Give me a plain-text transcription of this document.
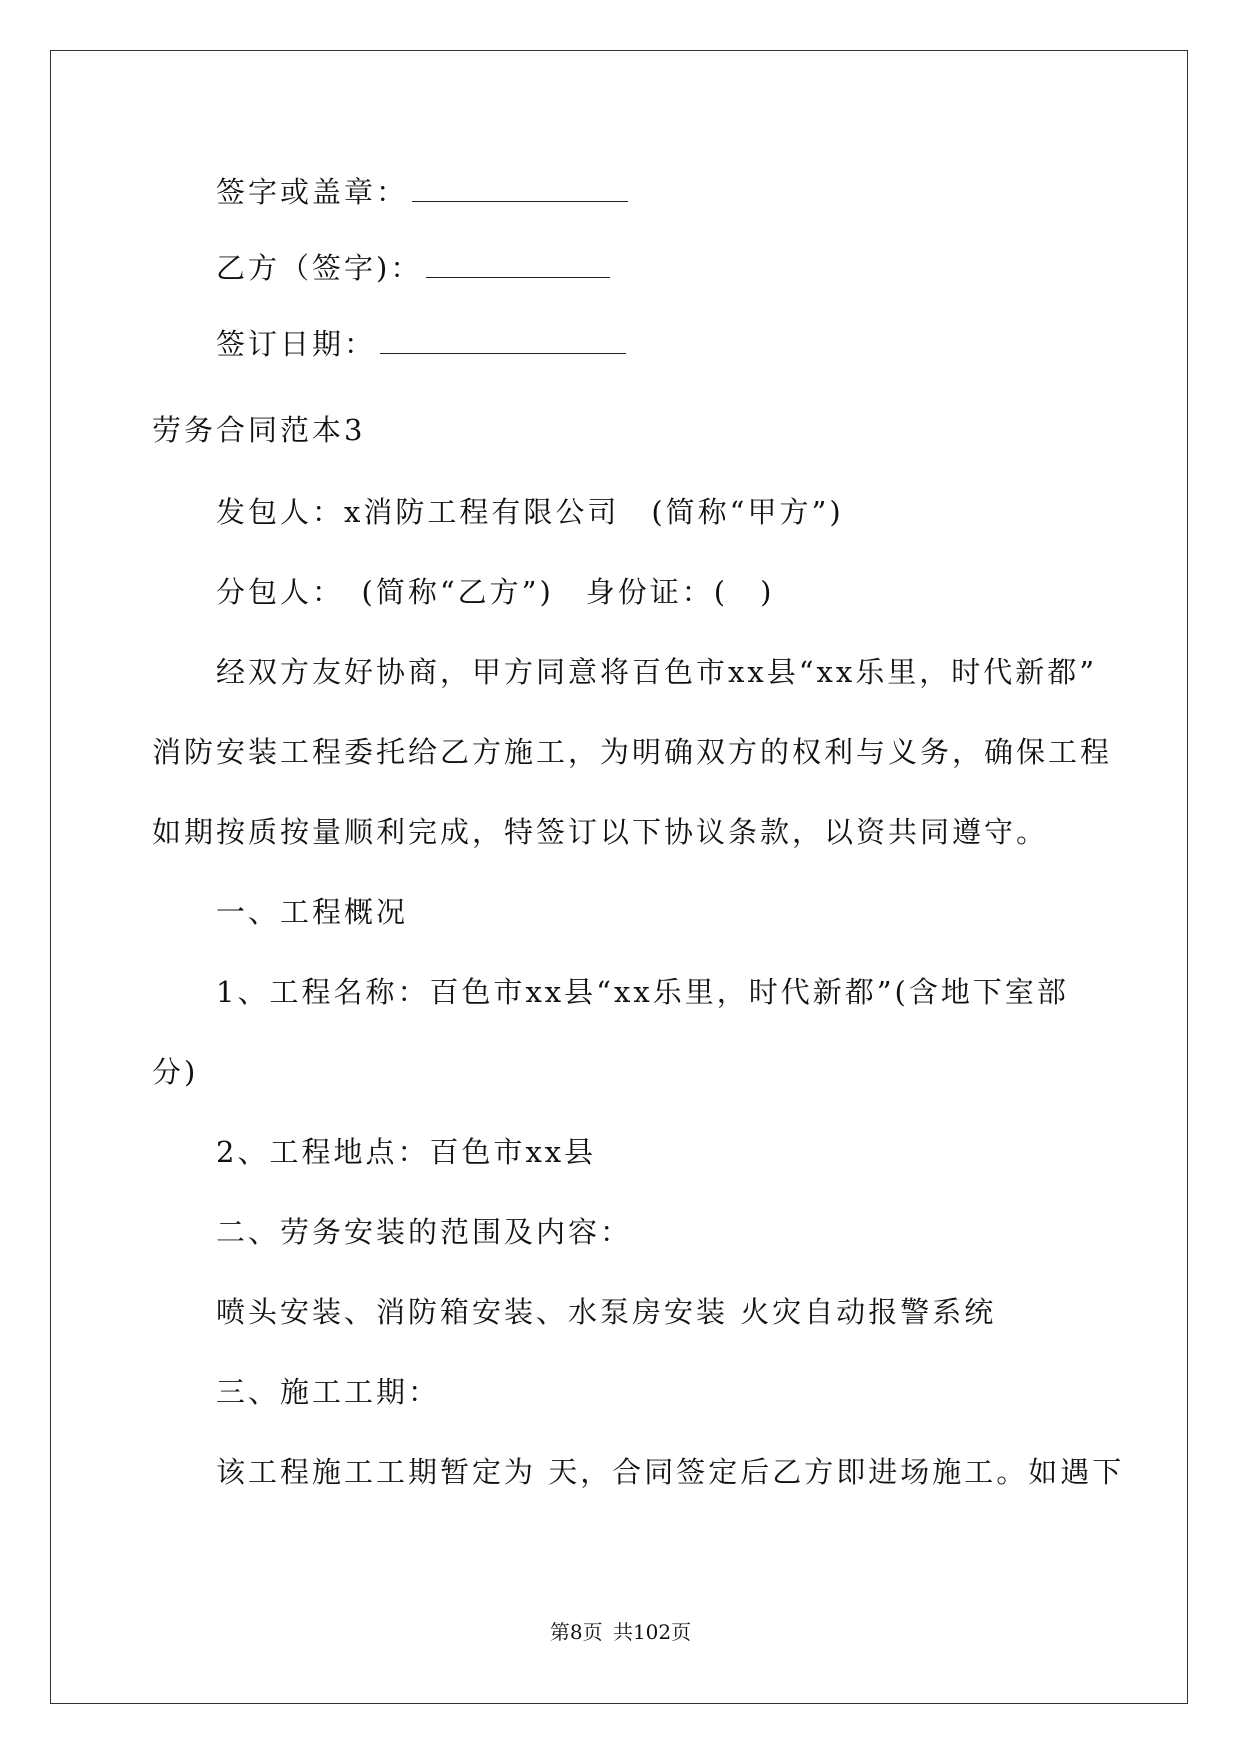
签字或盖章：
乙方（签字)：
签订日期：
劳务合同范本3
发包人：x消防工程有限公司　(简称“甲方”)
分包人：　(简称“乙方”)　身份证：(　)
经双方友好协商，甲方同意将百色市xx县“xx乐里，时代新都”
消防安装工程委托给乙方施工，为明确双方的权利与义务，确保工程
如期按质按量顺利完成，特签订以下协议条款，以资共同遵守。
一、工程概况
1、工程名称：百色市xx县“xx乐里，时代新都”(含地下室部
分)
2、工程地点：百色市xx县
二、劳务安装的范围及内容：
喷头安装、消防箱安装、水泵房安装 火灾自动报警系统
三、施工工期：
该工程施工工期暂定为 天，合同签定后乙方即进场施工。如遇下
第8页 共102页
